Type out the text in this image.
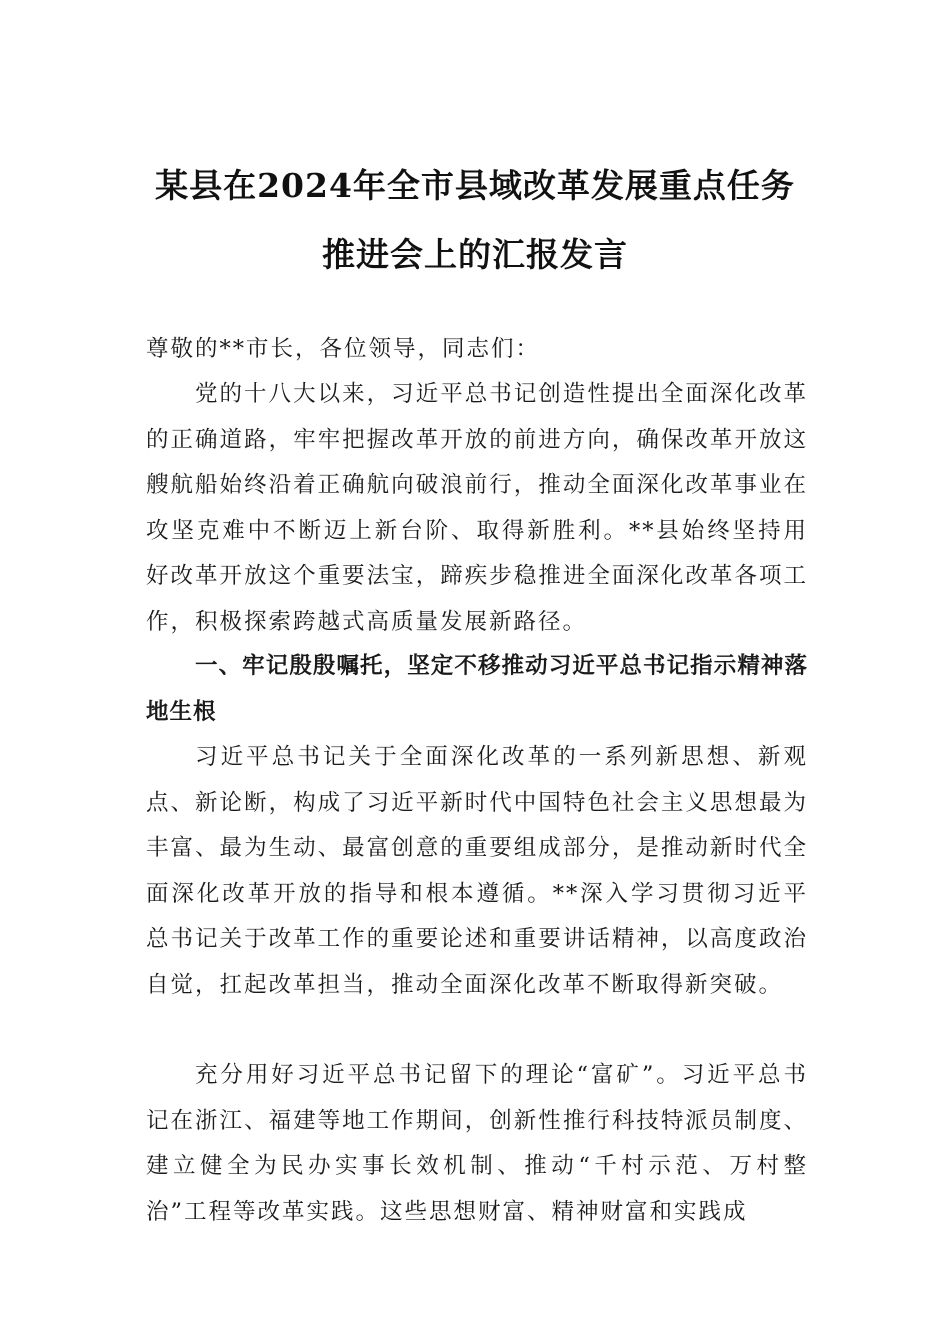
某县在2024年全市县域改革发展重点任务
推进会上的汇报发言
尊敬的**市长，各位领导，同志们：
党的十八大以来，习近平总书记创造性提出全面深化改革的正确道路，牢牢把握改革开放的前进方向，确保改革开放这艘航船始终沿着正确航向破浪前行，推动全面深化改革事业在攻坚克难中不断迈上新台阶、取得新胜利。**县始终坚持用好改革开放这个重要法宝，蹄疾步稳推进全面深化改革各项工作，积极探索跨越式高质量发展新路径。
一、牢记殷殷嘱托，坚定不移推动习近平总书记指示精神落地生根
习近平总书记关于全面深化改革的一系列新思想、新观点、新论断，构成了习近平新时代中国特色社会主义思想最为丰富、最为生动、最富创意的重要组成部分，是推动新时代全面深化改革开放的指导和根本遵循。**深入学习贯彻习近平总书记关于改革工作的重要论述和重要讲话精神，以高度政治自觉，扛起改革担当，推动全面深化改革不断取得新突破。
充分用好习近平总书记留下的理论“富矿”。习近平总书记在浙江、福建等地工作期间，创新性推行科技特派员制度、建立健全为民办实事长效机制、推动“千村示范、万村整治”工程等改革实践。这些思想财富、精神财富和实践成
